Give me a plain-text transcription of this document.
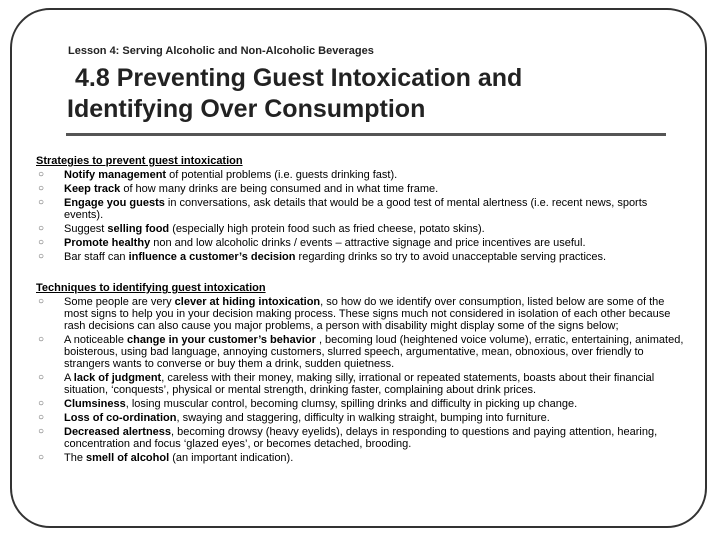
Lesson 4: Serving Alcoholic and Non-Alcoholic Beverages

4.8 Preventing Guest Intoxication and
Identifying Over Consumption

Strategies to prevent guest intoxication

○ Notify management of potential problems (i.e. guests drinking fast).
○ Keep track of how many drinks are being consumed and in what time frame.
○ Engage you guests in conversations, ask details that would be a good test of mental alertness (i.e. recent news, sports events).
○ Suggest selling food (especially high protein food such as fried cheese, potato skins).
○ Promote healthy non and low alcoholic drinks / events – attractive signage and price incentives are useful.
○ Bar staff can influence a customer’s decision regarding drinks so try to avoid unacceptable serving practices.

Techniques to identifying guest intoxication

○ Some people are very clever at hiding intoxication, so how do we identify over consumption, listed below are some of the most signs to help you in your decision making process. These signs much not considered in isolation of each other because rash decisions can also cause you major problems, a person with disability might display some of the signs below;
○ A noticeable change in your customer’s behavior , becoming loud (heightened voice volume), erratic, entertaining, animated, boisterous, using bad language, annoying customers, slurred speech, argumentative, mean, obnoxious, over friendly to strangers wants to converse or buy them a drink, sudden quietness.
○ A lack of judgment, careless with their money, making silly, irrational or repeated statements, boasts about their financial situation, ‘conquests’, physical or mental strength, drinking faster, complaining about drink prices.
○ Clumsiness, losing muscular control, becoming clumsy, spilling drinks and difficulty in picking up change.
○ Loss of co-ordination, swaying and staggering, difficulty in walking straight, bumping into furniture.
○ Decreased alertness, becoming drowsy (heavy eyelids), delays in responding to questions and paying attention, hearing, concentration and focus ‘glazed eyes’, or becomes detached, brooding.
○ The smell of alcohol (an important indication).
